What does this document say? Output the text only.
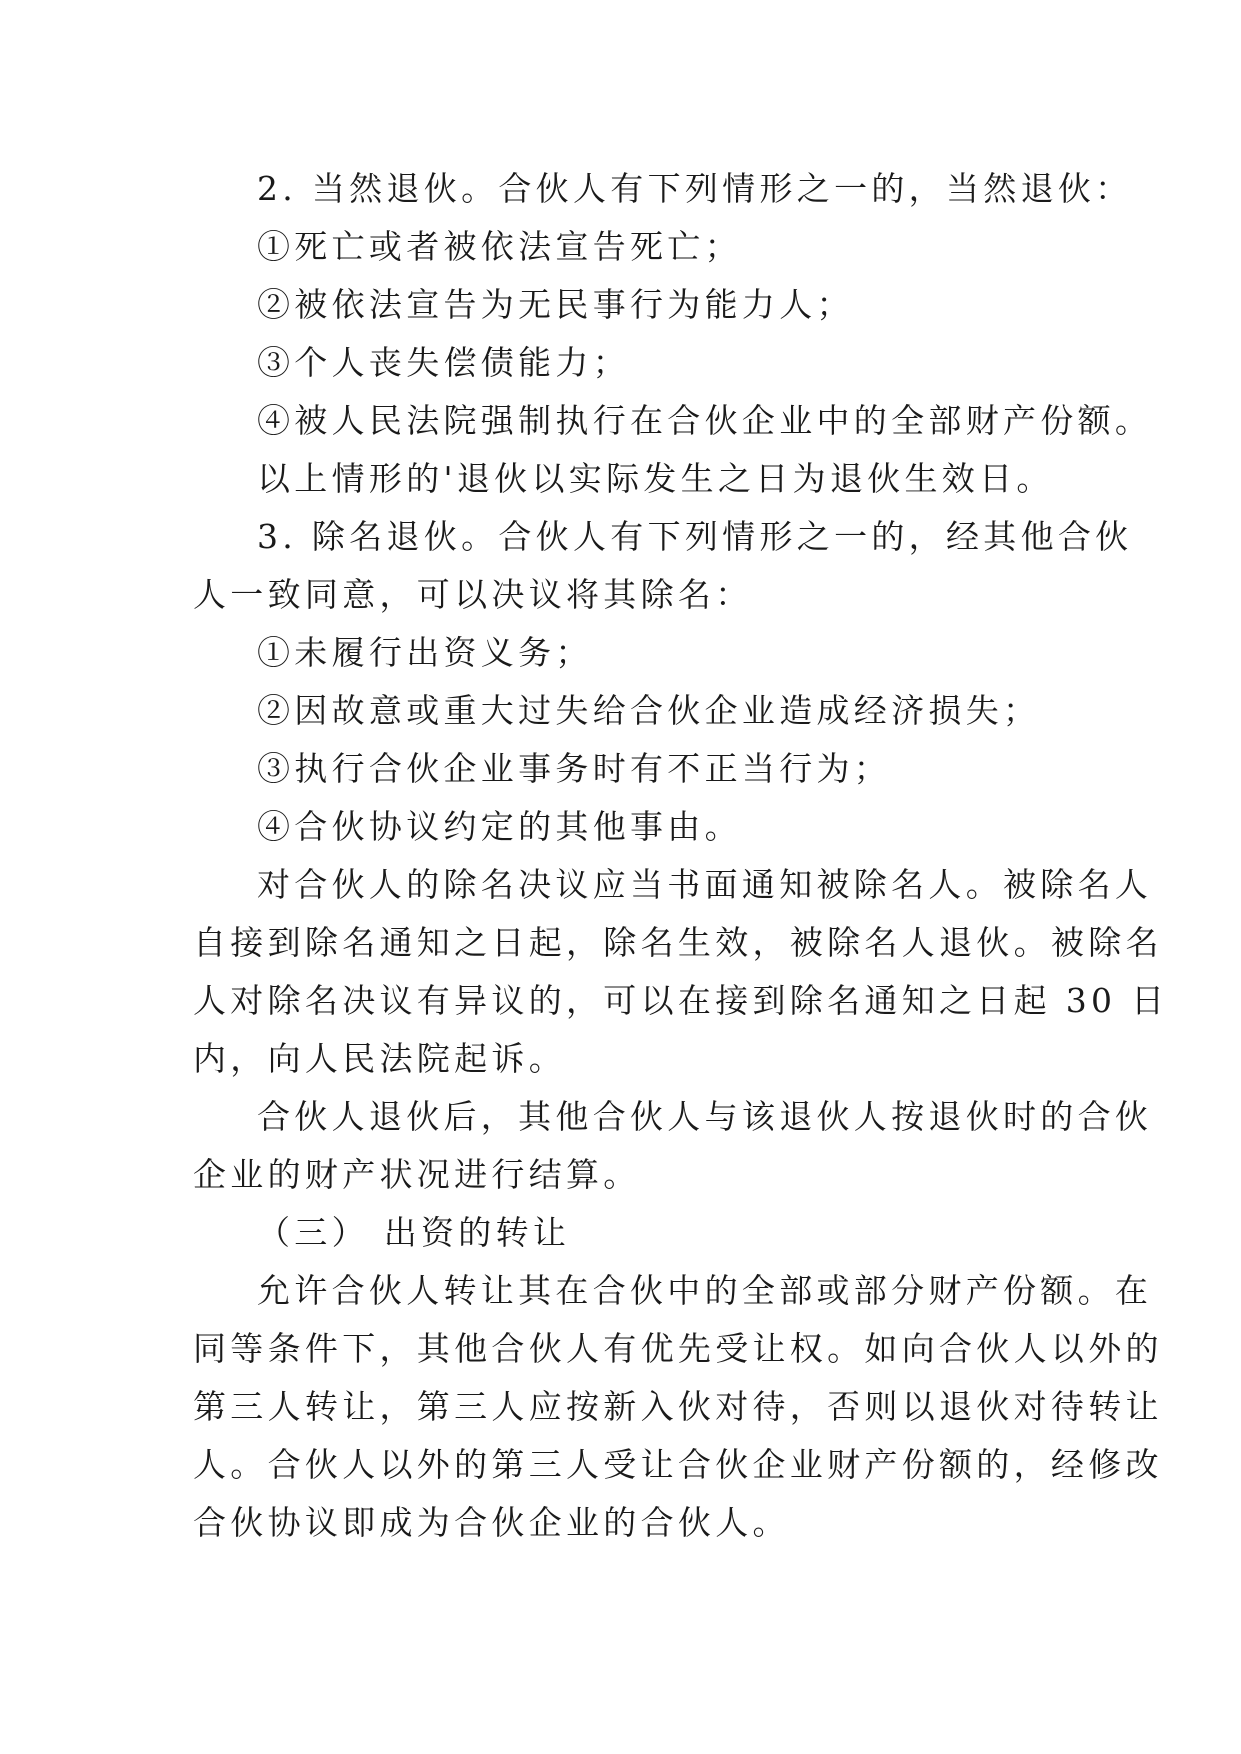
2. 当然退伙。合伙人有下列情形之一的，当然退伙：

①死亡或者被依法宣告死亡；

②被依法宣告为无民事行为能力人；

③个人丧失偿债能力；

④被人民法院强制执行在合伙企业中的全部财产份额。

以上情形的'退伙以实际发生之日为退伙生效日。

3. 除名退伙。合伙人有下列情形之一的，经其他合伙

人一致同意，可以决议将其除名：

①未履行出资义务；

②因故意或重大过失给合伙企业造成经济损失；

③执行合伙企业事务时有不正当行为；

④合伙协议约定的其他事由。

对合伙人的除名决议应当书面通知被除名人。被除名人

自接到除名通知之日起，除名生效，被除名人退伙。被除名

人对除名决议有异议的，可以在接到除名通知之日起 30 日

内，向人民法院起诉。

合伙人退伙后，其他合伙人与该退伙人按退伙时的合伙

企业的财产状况进行结算。

（三） 出资的转让

允许合伙人转让其在合伙中的全部或部分财产份额。在

同等条件下，其他合伙人有优先受让权。如向合伙人以外的

第三人转让，第三人应按新入伙对待，否则以退伙对待转让

人。合伙人以外的第三人受让合伙企业财产份额的，经修改

合伙协议即成为合伙企业的合伙人。
